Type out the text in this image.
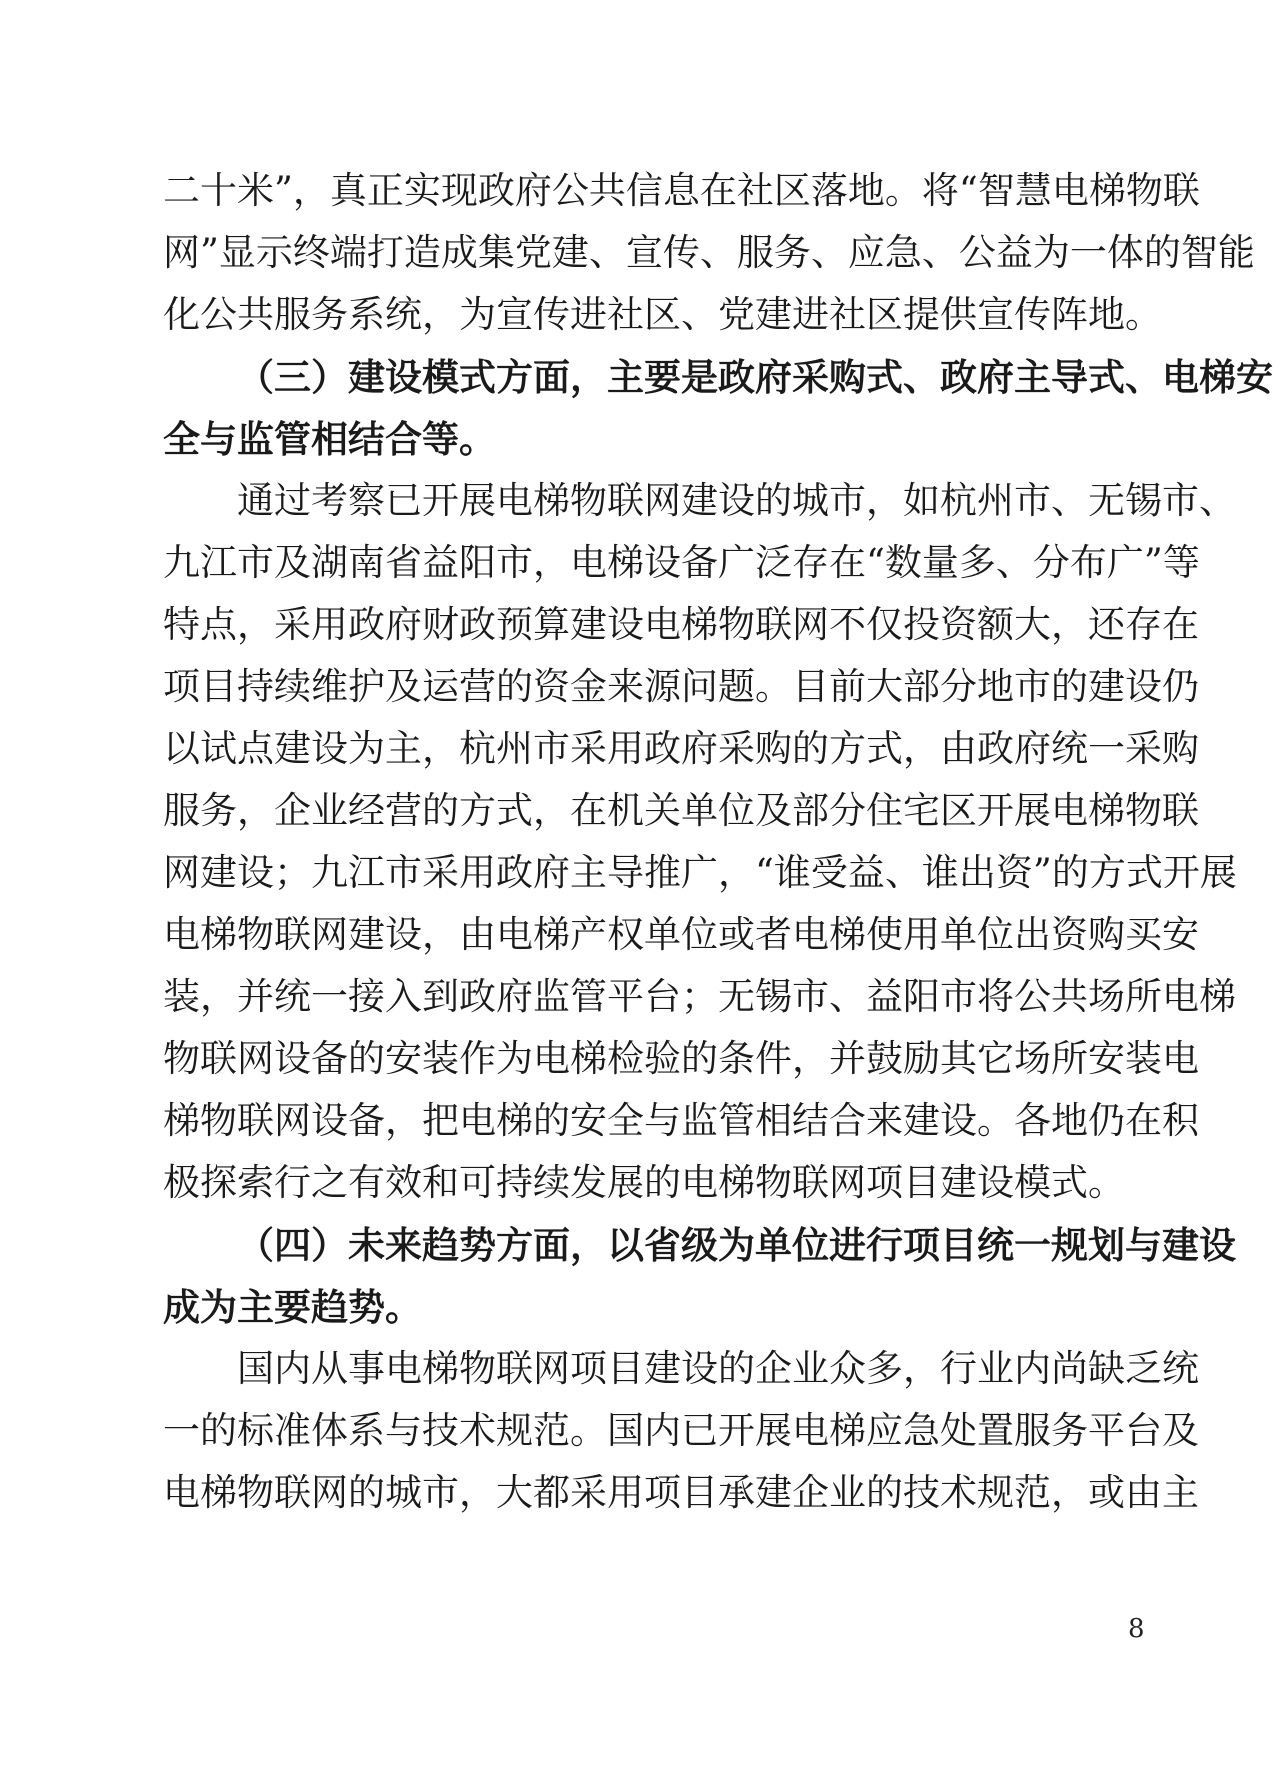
二十米”，真正实现政府公共信息在社区落地。将“智慧电梯物联
网”显示终端打造成集党建、宣传、服务、应急、公益为一体的智能
化公共服务系统，为宣传进社区、党建进社区提供宣传阵地。
（三）建设模式方面，主要是政府采购式、政府主导式、电梯安
全与监管相结合等。
通过考察已开展电梯物联网建设的城市，如杭州市、无锡市、
九江市及湖南省益阳市，电梯设备广泛存在“数量多、分布广”等
特点，采用政府财政预算建设电梯物联网不仅投资额大，还存在
项目持续维护及运营的资金来源问题。目前大部分地市的建设仍
以试点建设为主，杭州市采用政府采购的方式，由政府统一采购
服务，企业经营的方式，在机关单位及部分住宅区开展电梯物联
网建设；九江市采用政府主导推广，“谁受益、谁出资”的方式开展
电梯物联网建设，由电梯产权单位或者电梯使用单位出资购买安
装，并统一接入到政府监管平台；无锡市、益阳市将公共场所电梯
物联网设备的安装作为电梯检验的条件，并鼓励其它场所安装电
梯物联网设备，把电梯的安全与监管相结合来建设。各地仍在积
极探索行之有效和可持续发展的电梯物联网项目建设模式。
（四）未来趋势方面，以省级为单位进行项目统一规划与建设
成为主要趋势。
国内从事电梯物联网项目建设的企业众多，行业内尚缺乏统
一的标准体系与技术规范。国内已开展电梯应急处置服务平台及
电梯物联网的城市，大都采用项目承建企业的技术规范，或由主
8
